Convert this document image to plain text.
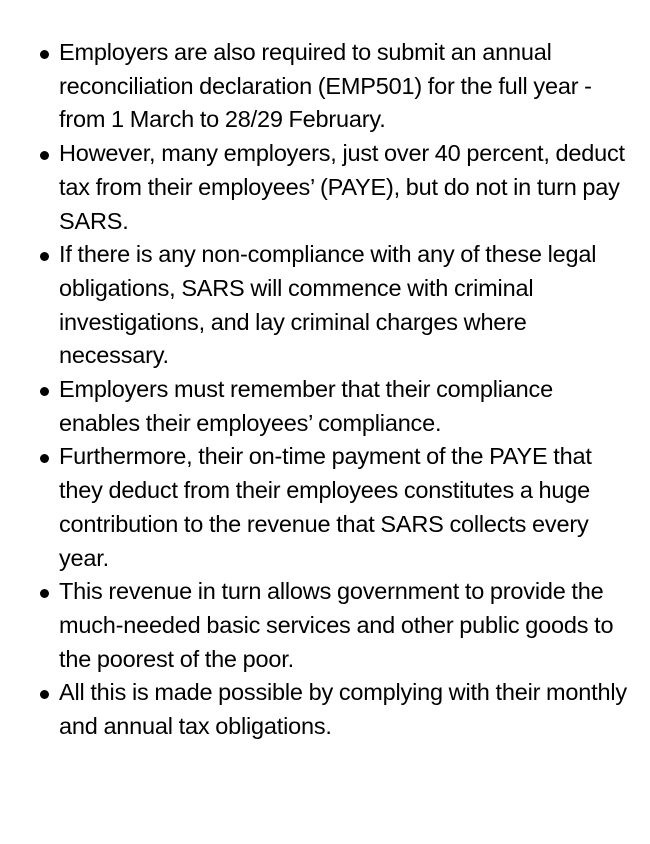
Employers are also required to submit an annual reconciliation declaration (EMP501) for the full year - from 1 March to 28/29 February.
However, many employers, just over 40 percent, deduct tax from their employees’ (PAYE), but do not in turn pay SARS.
If there is any non-compliance with any of these legal obligations, SARS will commence with criminal investigations, and lay criminal charges where necessary.
Employers must remember that their compliance enables their employees’ compliance.
Furthermore, their on-time payment of the PAYE that they deduct from their employees constitutes a huge contribution to the revenue that SARS collects every year.
This revenue in turn allows government to provide the much-needed basic services and other public goods to the poorest of the poor.
All this is made possible by complying with their monthly and annual tax obligations.
